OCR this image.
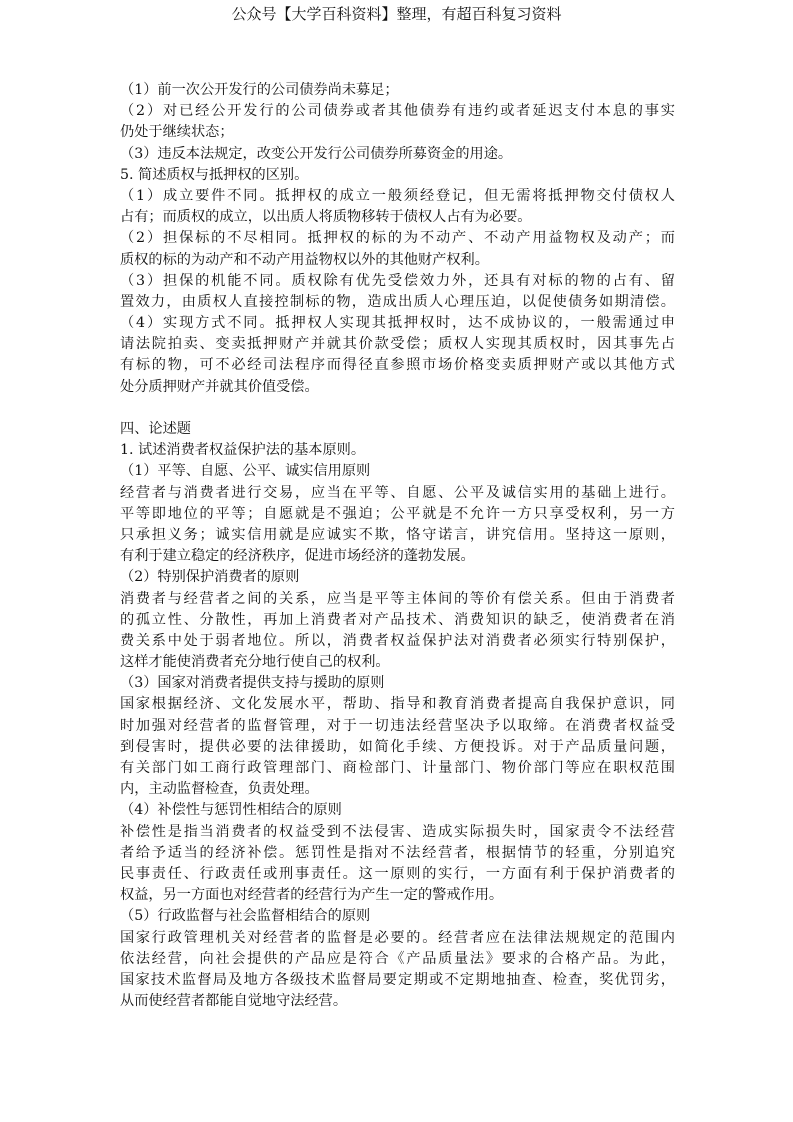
公众号【大学百科资料】整理，有超百科复习资料
（1）前一次公开发行的公司债券尚未募足；
（2）对已经公开发行的公司债券或者其他债券有违约或者延迟支付本息的事实
仍处于继续状态；
（3）违反本法规定，改变公开发行公司债券所募资金的用途。
5. 简述质权与抵押权的区别。
（1）成立要件不同。抵押权的成立一般须经登记，但无需将抵押物交付债权人
占有；而质权的成立，以出质人将质物移转于债权人占有为必要。
（2）担保标的不尽相同。抵押权的标的为不动产、不动产用益物权及动产；而
质权的标的为动产和不动产用益物权以外的其他财产权利。
（3）担保的机能不同。质权除有优先受偿效力外，还具有对标的物的占有、留
置效力，由质权人直接控制标的物，造成出质人心理压迫，以促使债务如期清偿。
（4）实现方式不同。抵押权人实现其抵押权时，达不成协议的，一般需通过申
请法院拍卖、变卖抵押财产并就其价款受偿；质权人实现其质权时，因其事先占
有标的物，可不必经司法程序而得径直参照市场价格变卖质押财产或以其他方式
处分质押财产并就其价值受偿。
四、论述题
1. 试述消费者权益保护法的基本原则。
（1）平等、自愿、公平、诚实信用原则
经营者与消费者进行交易，应当在平等、自愿、公平及诚信实用的基础上进行。
平等即地位的平等；自愿就是不强迫；公平就是不允许一方只享受权利，另一方
只承担义务；诚实信用就是应诚实不欺，恪守诺言，讲究信用。坚持这一原则，
有利于建立稳定的经济秩序，促进市场经济的蓬勃发展。
（2）特别保护消费者的原则
消费者与经营者之间的关系，应当是平等主体间的等价有偿关系。但由于消费者
的孤立性、分散性，再加上消费者对产品技术、消费知识的缺乏，使消费者在消
费关系中处于弱者地位。所以，消费者权益保护法对消费者必须实行特别保护，
这样才能使消费者充分地行使自己的权利。
（3）国家对消费者提供支持与援助的原则
国家根据经济、文化发展水平，帮助、指导和教育消费者提高自我保护意识，同
时加强对经营者的监督管理，对于一切违法经营坚决予以取缔。在消费者权益受
到侵害时，提供必要的法律援助，如简化手续、方便投诉。对于产品质量问题，
有关部门如工商行政管理部门、商检部门、计量部门、物价部门等应在职权范围
内，主动监督检查，负责处理。
（4）补偿性与惩罚性相结合的原则
补偿性是指当消费者的权益受到不法侵害、造成实际损失时，国家责令不法经营
者给予适当的经济补偿。惩罚性是指对不法经营者，根据情节的轻重，分别追究
民事责任、行政责任或刑事责任。这一原则的实行，一方面有利于保护消费者的
权益，另一方面也对经营者的经营行为产生一定的警戒作用。
（5）行政监督与社会监督相结合的原则
国家行政管理机关对经营者的监督是必要的。经营者应在法律法规规定的范围内
依法经营，向社会提供的产品应是符合《产品质量法》要求的合格产品。为此，
国家技术监督局及地方各级技术监督局要定期或不定期地抽查、检查，奖优罚劣，
从而使经营者都能自觉地守法经营。
